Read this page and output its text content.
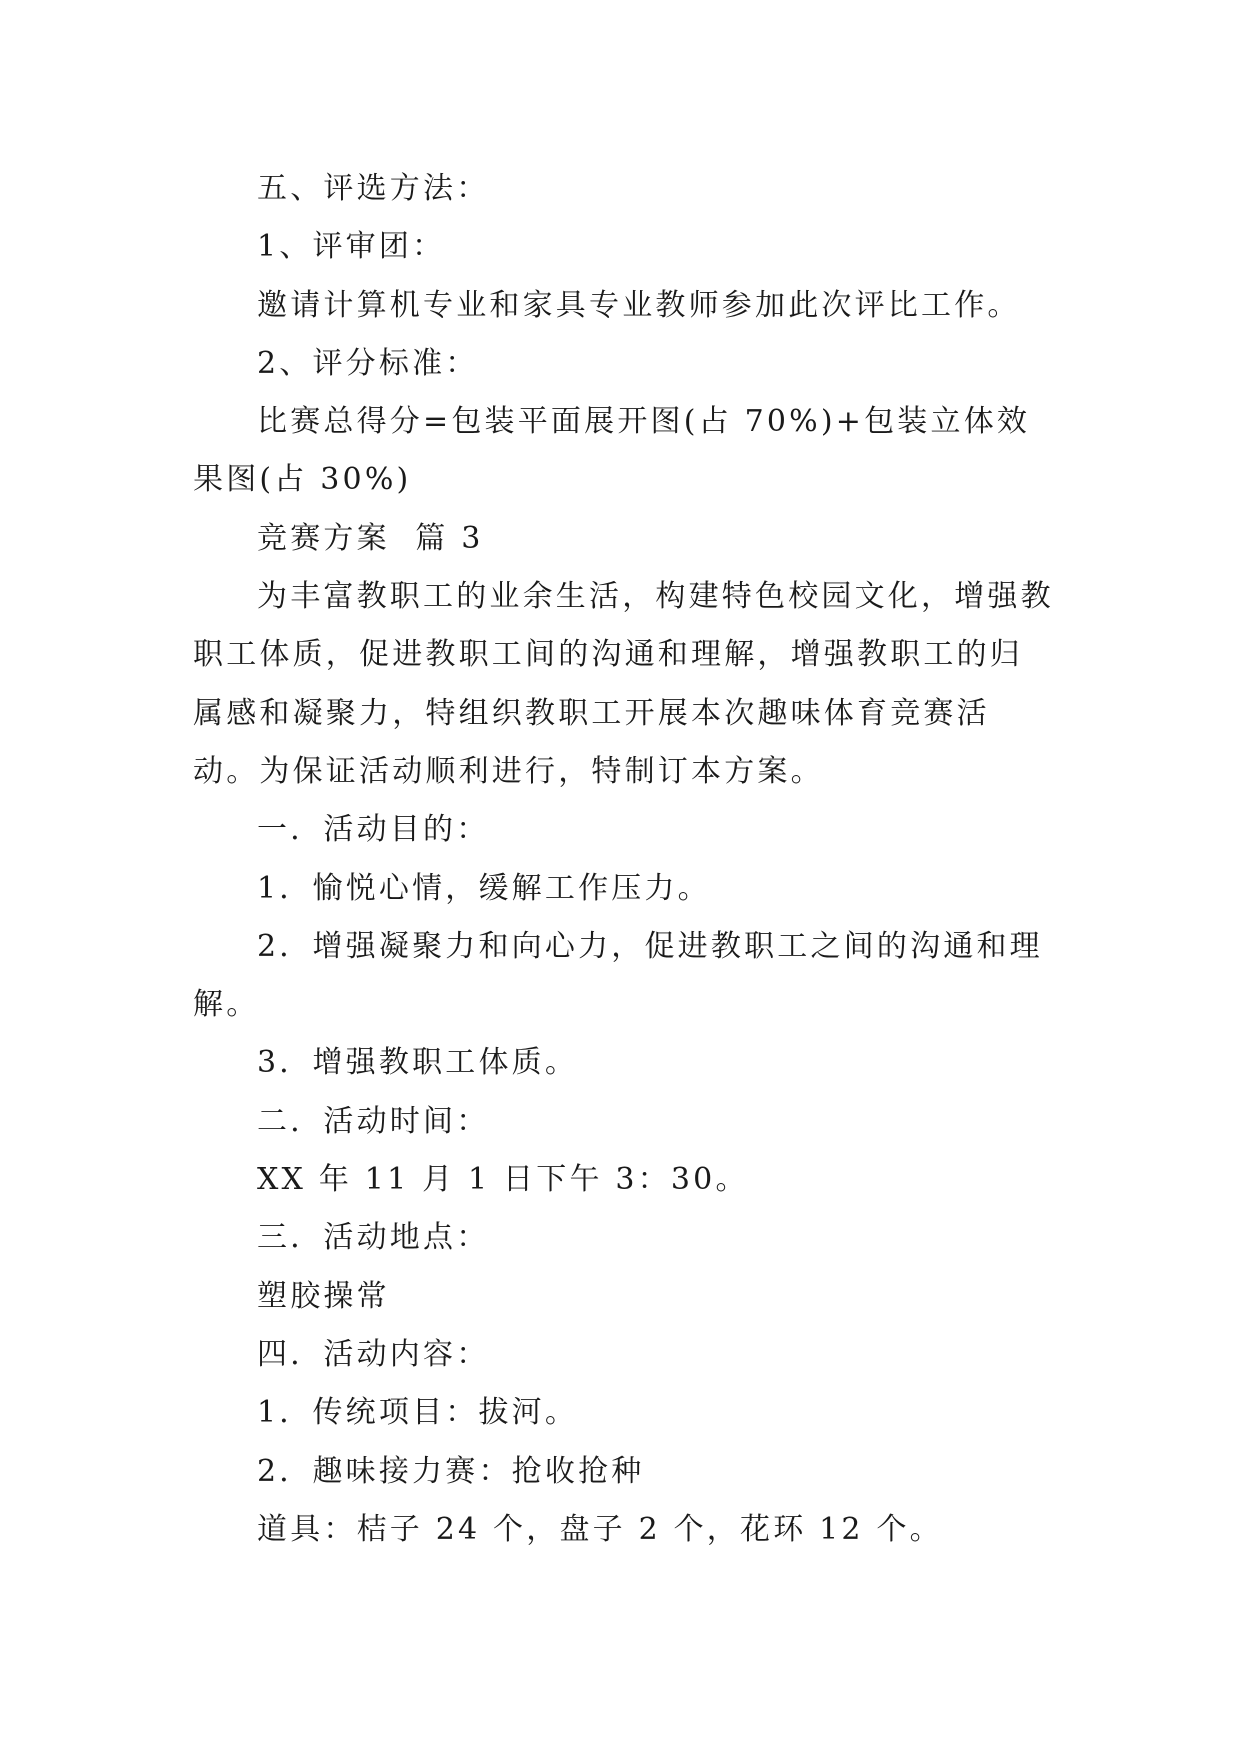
五、评选方法：

1、评审团：

邀请计算机专业和家具专业教师参加此次评比工作。

2、评分标准：

比赛总得分=包装平面展开图(占 70%)+包装立体效果图(占 30%)

竞赛方案  篇 3

为丰富教职工的业余生活，构建特色校园文化，增强教职工体质，促进教职工间的沟通和理解，增强教职工的归属感和凝聚力，特组织教职工开展本次趣味体育竞赛活动。为保证活动顺利进行，特制订本方案。

一．活动目的：

1．愉悦心情，缓解工作压力。

2．增强凝聚力和向心力，促进教职工之间的沟通和理解。

3．增强教职工体质。

二．活动时间：

XX 年 11 月 1 日下午 3：30。

三．活动地点：

塑胶操常

四．活动内容：

1．传统项目：拔河。

2．趣味接力赛：抢收抢种

道具：桔子 24 个，盘子 2 个，花环 12 个。
